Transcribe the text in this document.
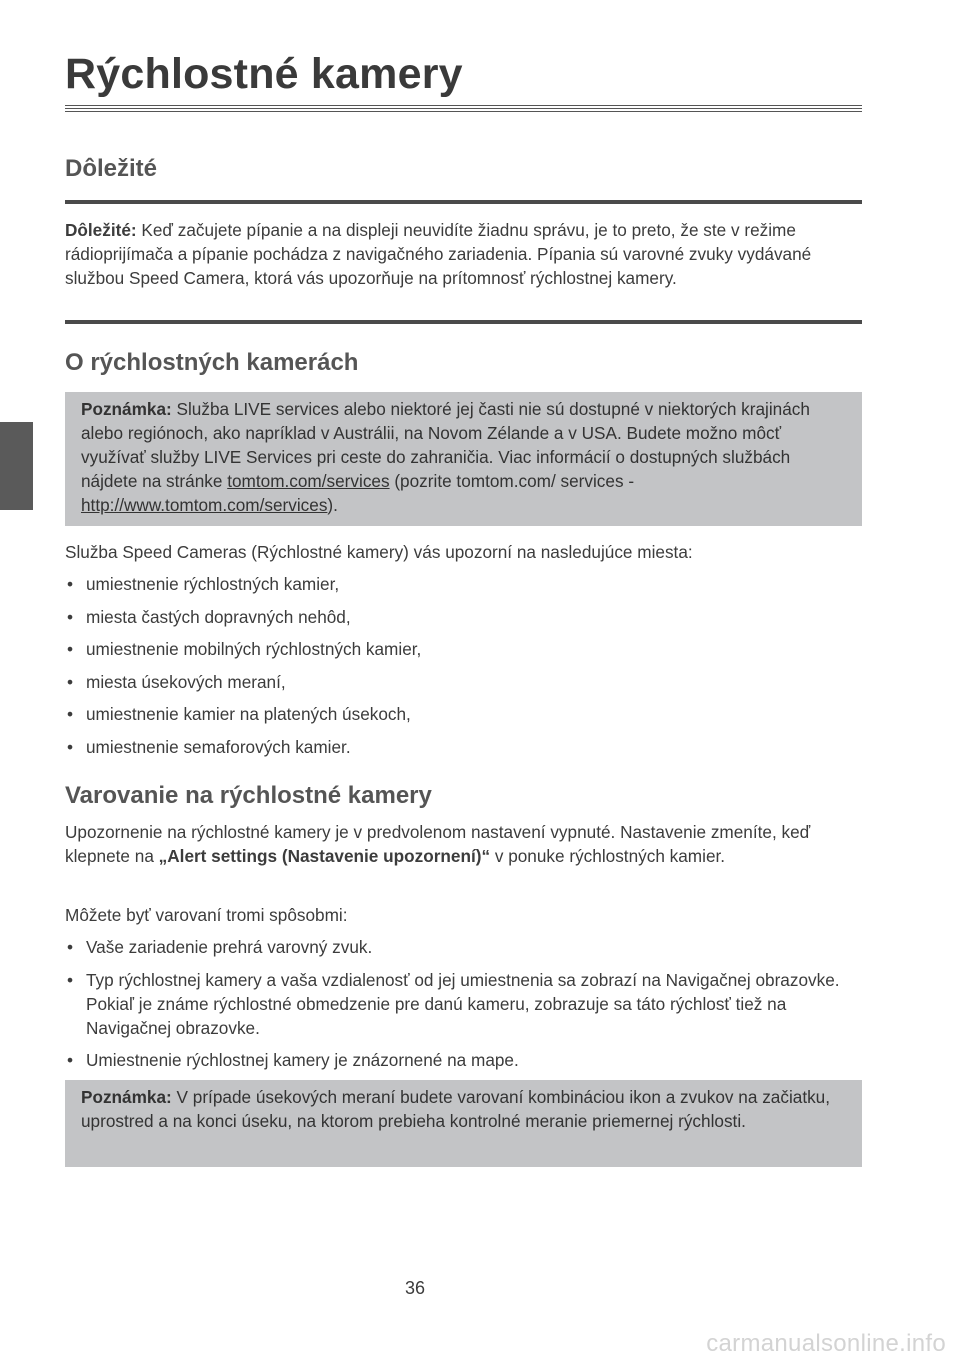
Rýchlostné kamery
Dôležité

Dôležité: Keď začujete pípanie a na displeji neuvidíte žiadnu správu, je to preto, že ste v režime rádioprijímača a pípanie pochádza z navigačného zariadenia. Pípania sú varovné zvuky vydávané službou Speed Camera, ktorá vás upozorňuje na prítomnosť rýchlostnej kamery.

O rýchlostných kamerách
Poznámka: Služba LIVE services alebo niektoré jej časti nie sú dostupné v niektorých krajinách alebo regiónoch, ako napríklad v Austrálii, na Novom Zélande a v USA. Budete možno môcť využívať služby LIVE Services pri ceste do zahraničia. Viac informácií o dostupných službách nájdete na stránke tomtom.com/services (pozrite tomtom.com/ services - http://www.tomtom.com/services).

Služba Speed Cameras (Rýchlostné kamery) vás upozorní na nasledujúce miesta:

• umiestnenie rýchlostných kamier,
• miesta častých dopravných nehôd,
• umiestnenie mobilných rýchlostných kamier,
• miesta úsekových meraní,
• umiestnenie kamier na platených úsekoch,
• umiestnenie semaforových kamier.
Varovanie na rýchlostné kamery

Upozornenie na rýchlostné kamery je v predvolenom nastavení vypnuté. Nastavenie zmeníte, keď klepnete na „Alert settings (Nastavenie upozornení)“ v ponuke rýchlostných kamier.

Môžete byť varovaní tromi spôsobmi:

• Vaše zariadenie prehrá varovný zvuk.
• Typ rýchlostnej kamery a vaša vzdialenosť od jej umiestnenia sa zobrazí na Navigačnej obrazovke. Pokiaľ je známe rýchlostné obmedzenie pre danú kameru, zobrazuje sa táto rýchlosť tiež na Navigačnej obrazovke.
• Umiestnenie rýchlostnej kamery je znázornené na mape.
Poznámka: V prípade úsekových meraní budete varovaní kombináciou ikon a zvukov na začiatku, uprostred a na konci úseku, na ktorom prebieha kontrolné meranie priemernej rýchlosti.
36
carmanualsonline.info
